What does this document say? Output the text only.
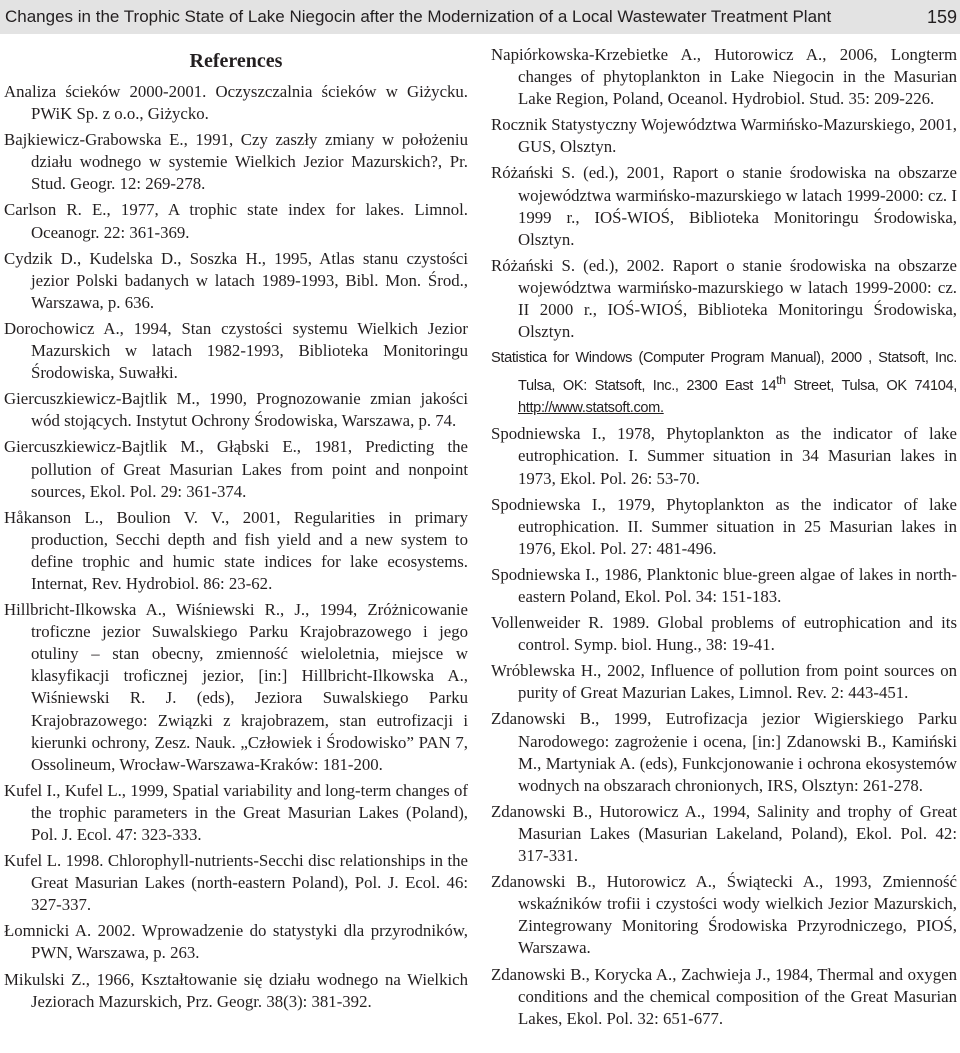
Changes in the Trophic State of Lake Niegocin after the Modernization of a Local Wastewater Treatment Plant	159
References
Analiza ścieków 2000-2001. Oczyszczalnia ścieków w Giżycku. PWiK Sp. z o.o., Giżycko.
Bajkiewicz-Grabowska E., 1991, Czy zaszły zmiany w położeniu działu wodnego w systemie Wielkich Jezior Mazurskich?, Pr. Stud. Geogr. 12: 269-278.
Carlson R. E., 1977, A trophic state index for lakes. Limnol. Oceanogr. 22: 361-369.
Cydzik D., Kudelska D., Soszka H., 1995, Atlas stanu czystości jezior Polski badanych w latach 1989-1993, Bibl. Mon. Środ., Warszawa, p. 636.
Dorochowicz A., 1994, Stan czystości systemu Wielkich Jezior Mazurskich w latach 1982-1993, Biblioteka Monitoringu Środowiska, Suwałki.
Giercuszkiewicz-Bajtlik M., 1990, Prognozowanie zmian jakości wód stojących. Instytut Ochrony Środowiska, Warszawa, p. 74.
Giercuszkiewicz-Bajtlik M., Głąbski E., 1981, Predicting the pollution of Great Masurian Lakes from point and nonpoint sources, Ekol. Pol. 29: 361-374.
Håkanson L., Boulion V. V., 2001, Regularities in primary production, Secchi depth and fish yield and a new system to define trophic and humic state indices for lake ecosystems. Internat, Rev. Hydrobiol. 86: 23-62.
Hillbricht-Ilkowska A., Wiśniewski R., J., 1994, Zróżnicowanie troficzne jezior Suwalskiego Parku Krajobrazowego i jego otuliny – stan obecny, zmienność wieloletnia, miejsce w klasyfikacji troficznej jezior, [in:] Hillbricht-Ilkowska A., Wiśniewski R. J. (eds), Jeziora Suwalskiego Parku Krajobrazowego: Związki z krajobrazem, stan eutrofizacji i kierunki ochrony, Zesz. Nauk. „Człowiek i Środowisko” PAN 7, Ossolineum, Wrocław-Warszawa-Kraków: 181-200.
Kufel I., Kufel L., 1999, Spatial variability and long-term changes of the trophic parameters in the Great Masurian Lakes (Poland), Pol. J. Ecol. 47: 323-333.
Kufel L. 1998. Chlorophyll-nutrients-Secchi disc relationships in the Great Masurian Lakes (north-eastern Poland), Pol. J. Ecol. 46: 327-337.
Łomnicki A. 2002. Wprowadzenie do statystyki dla przyrodników, PWN, Warszawa, p. 263.
Mikulski Z., 1966, Kształtowanie się działu wodnego na Wielkich Jeziorach Mazurskich, Prz. Geogr. 38(3): 381-392.
Napiórkowska-Krzebietke A., Hutorowicz A., 2006, Longterm changes of phytoplankton in Lake Niegocin in the Masurian Lake Region, Poland, Oceanol. Hydrobiol. Stud. 35: 209-226.
Rocznik Statystyczny Województwa Warmińsko-Mazurskiego, 2001, GUS, Olsztyn.
Różański S. (ed.), 2001, Raport o stanie środowiska na obszarze województwa warmińsko-mazurskiego w latach 1999-2000: cz. I 1999 r., IOŚ-WIOŚ, Biblioteka Monitoringu Środowiska, Olsztyn.
Różański S. (ed.), 2002. Raport o stanie środowiska na obszarze województwa warmińsko-mazurskiego w latach 1999-2000: cz. II 2000 r., IOŚ-WIOŚ, Biblioteka Monitoringu Środowiska, Olsztyn.
Statistica for Windows (Computer Program Manual), 2000 , Statsoft, Inc. Tulsa, OK: Statsoft, Inc., 2300 East 14th Street, Tulsa, OK 74104, http://www.statsoft.com.
Spodniewska I., 1978, Phytoplankton as the indicator of lake eutrophication. I. Summer situation in 34 Masurian lakes in 1973, Ekol. Pol. 26: 53-70.
Spodniewska I., 1979, Phytoplankton as the indicator of lake eutrophication. II. Summer situation in 25 Masurian lakes in 1976, Ekol. Pol. 27: 481-496.
Spodniewska I., 1986, Planktonic blue-green algae of lakes in north-eastern Poland, Ekol. Pol. 34: 151-183.
Vollenweider R. 1989. Global problems of eutrophication and its control. Symp. biol. Hung., 38: 19-41.
Wróblewska H., 2002, Influence of pollution from point sources on purity of Great Mazurian Lakes, Limnol. Rev. 2: 443-451.
Zdanowski B., 1999, Eutrofizacja jezior Wigierskiego Parku Narodowego: zagrożenie i ocena, [in:] Zdanowski B., Kamiński M., Martyniak A. (eds), Funkcjonowanie i ochrona ekosystemów wodnych na obszarach chronionych, IRS, Olsztyn: 261-278.
Zdanowski B., Hutorowicz A., 1994, Salinity and trophy of Great Masurian Lakes (Masurian Lakeland, Poland), Ekol. Pol. 42: 317-331.
Zdanowski B., Hutorowicz A., Świątecki A., 1993, Zmienność wskaźników trofii i czystości wody wielkich Jezior Mazurskich, Zintegrowany Monitoring Środowiska Przyrodniczego, PIOŚ, Warszawa.
Zdanowski B., Korycka A., Zachwieja J., 1984, Thermal and oxygen conditions and the chemical composition of the Great Masurian Lakes, Ekol. Pol. 32: 651-677.
